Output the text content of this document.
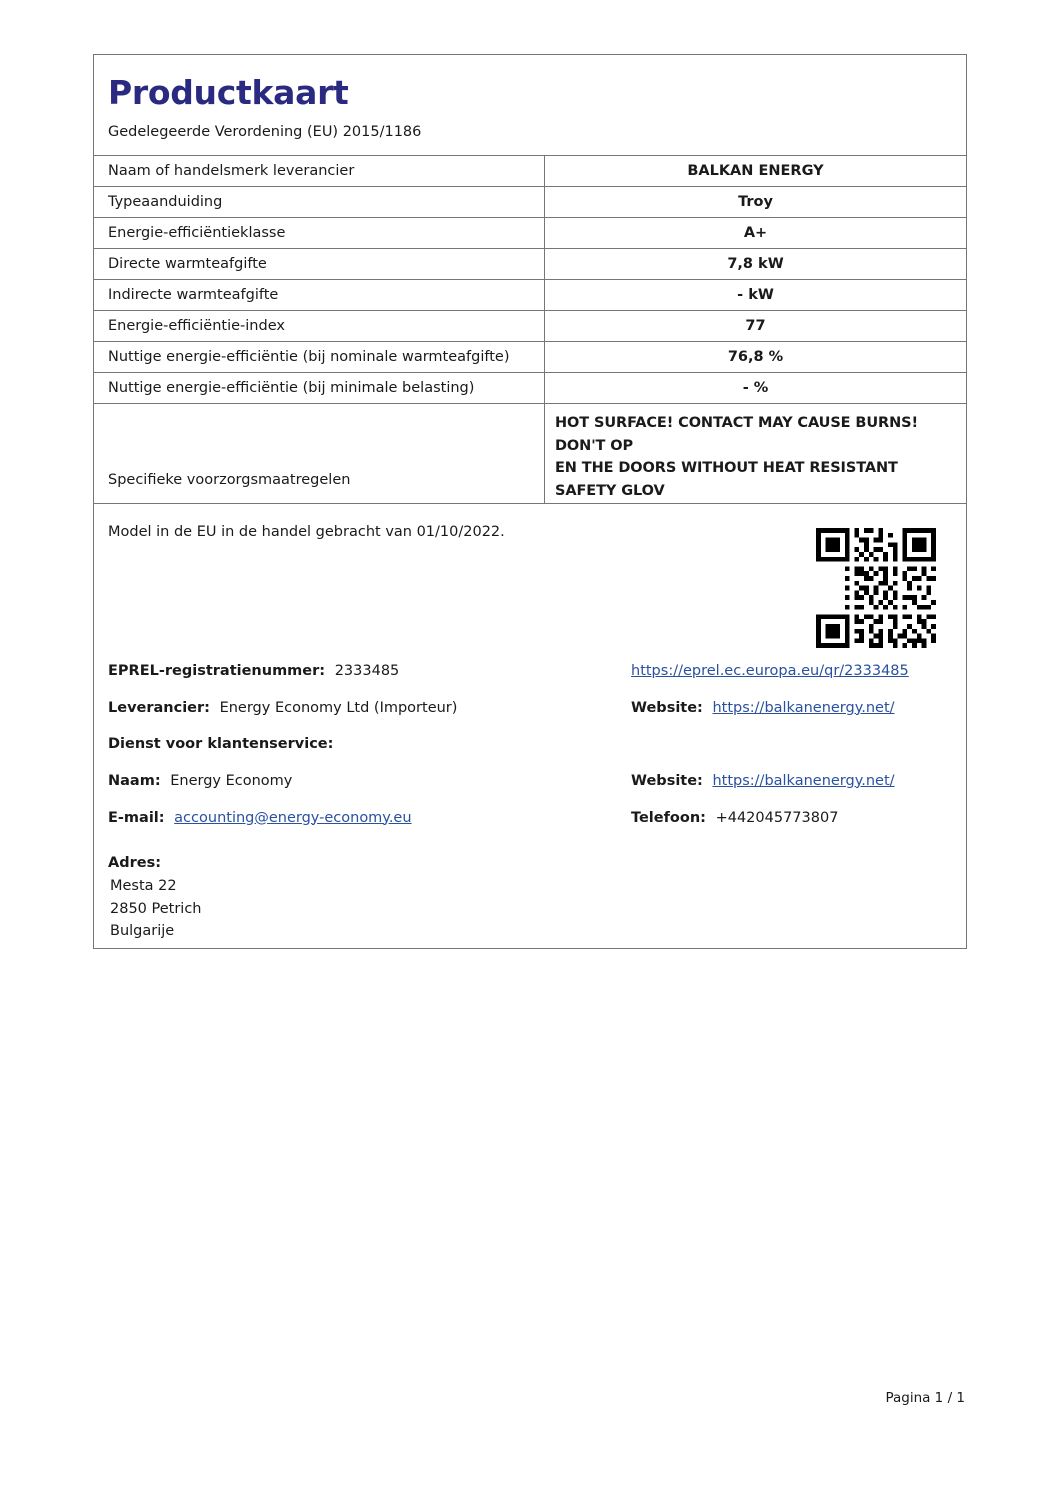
Productkaart
Gedelegeerde Verordening (EU) 2015/1186
Naam of handelsmerk leverancier	BALKAN ENERGY
Typeaanduiding	Troy
Energie-efficiëntieklasse	A+
Directe warmteafgifte	7,8 kW
Indirecte warmteafgifte	- kW
Energie-efficiëntie-index	77
Nuttige energie-efficiëntie (bij nominale warmteafgifte)	76,8 %
Nuttige energie-efficiëntie (bij minimale belasting)	- %
Specifieke voorzorgsmaatregelen	HOT SURFACE! CONTACT MAY CAUSE BURNS! DON'T OP
EN THE DOORS WITHOUT HEAT RESISTANT SAFETY GLOV
Model in de EU in de handel gebracht van 01/10/2022.
EPREL-registratienummer: 2333485	https://eprel.ec.europa.eu/qr/2333485
Leverancier: Energy Economy Ltd (Importeur)	Website: https://balkanenergy.net/
Dienst voor klantenservice:
Naam: Energy Economy	Website: https://balkanenergy.net/
E-mail: accounting@energy-economy.eu	Telefoon: +442045773807
Adres:
Mesta 22
2850 Petrich
Bulgarije
Pagina 1 / 1
